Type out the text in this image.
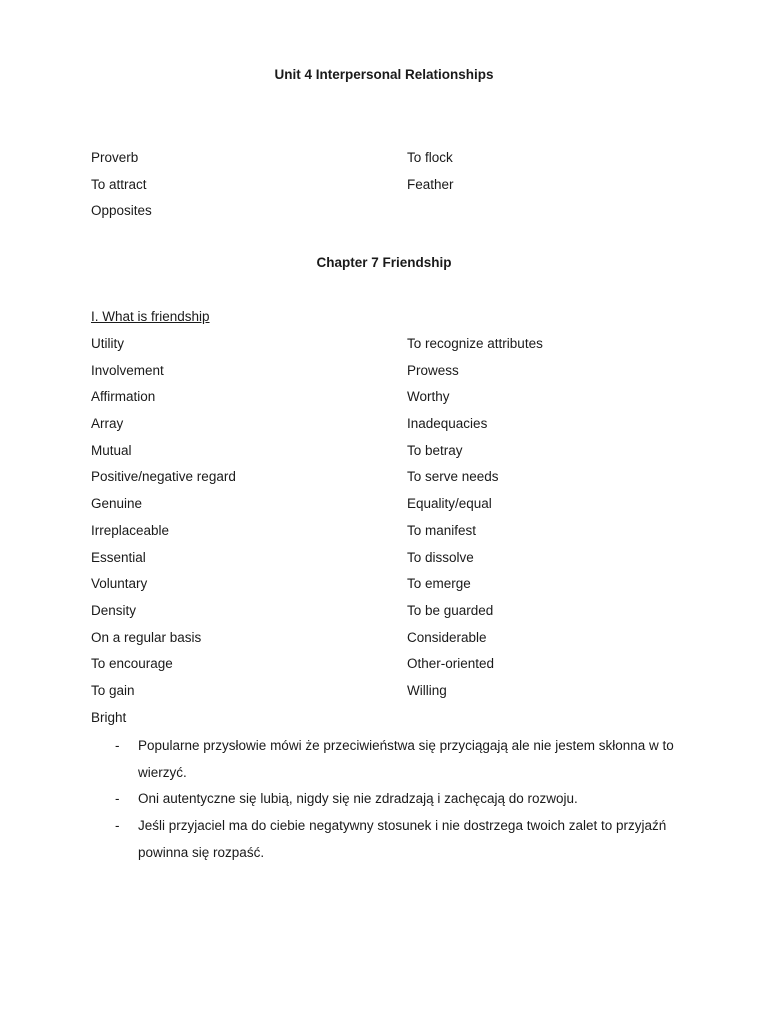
Unit 4 Interpersonal Relationships
Proverb
To attract
Opposites
To flock
Feather
Chapter 7 Friendship
I. What is friendship
Utility
Involvement
Affirmation
Array
Mutual
Positive/negative regard
Genuine
Irreplaceable
Essential
Voluntary
Density
On a regular basis
To encourage
To gain
Bright
To recognize attributes
Prowess
Worthy
Inadequacies
To betray
To serve needs
Equality/equal
To manifest
To dissolve
To emerge
To be guarded
Considerable
Other-oriented
Willing
- Popularne przysłowie mówi że przeciwieństwa się przyciągają ale nie jestem skłonna w to wierzyć.
- Oni autentyczne się lubią, nigdy się nie zdradzają i zachęcają do rozwoju.
- Jeśli przyjaciel ma do ciebie negatywny stosunek i nie dostrzega twoich zalet to przyjaźń powinna się rozpaść.
